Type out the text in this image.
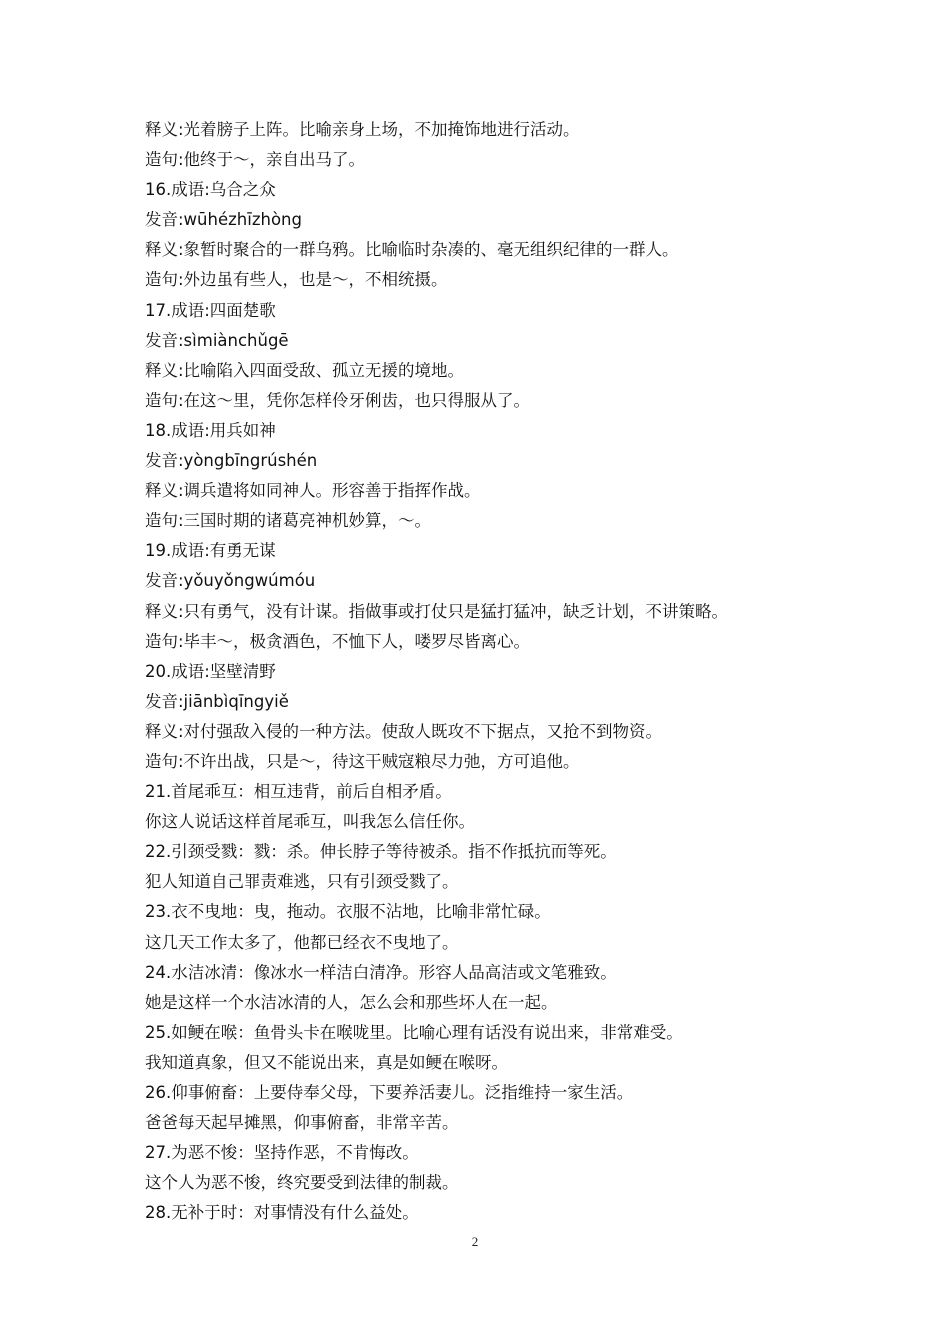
释义:光着膀子上阵。比喻亲身上场，不加掩饰地进行活动。
造句:他终于～，亲自出马了。
16.成语:乌合之众
发音:wūhézhīzhòng
释义:象暂时聚合的一群乌鸦。比喻临时杂凑的、毫无组织纪律的一群人。
造句:外边虽有些人，也是～，不相统摄。
17.成语:四面楚歌
发音:sìmiànchǔgē
释义:比喻陷入四面受敌、孤立无援的境地。
造句:在这～里，凭你怎样伶牙俐齿，也只得服从了。
18.成语:用兵如神
发音:yòngbīngrúshén
释义:调兵遣将如同神人。形容善于指挥作战。
造句:三国时期的诸葛亮神机妙算，～。
19.成语:有勇无谋
发音:yǒuyǒngwúmóu
释义:只有勇气，没有计谋。指做事或打仗只是猛打猛冲，缺乏计划，不讲策略。
造句:毕丰～，极贪酒色，不恤下人，喽罗尽皆离心。
20.成语:坚壁清野
发音:jiānbìqīngyiě
释义:对付强敌入侵的一种方法。使敌人既攻不下据点，又抢不到物资。
造句:不许出战，只是～，待这干贼寇粮尽力弛，方可追他。
21.首尾乖互：相互违背，前后自相矛盾。
你这人说话这样首尾乖互，叫我怎么信任你。
22.引颈受戮：戮：杀。伸长脖子等待被杀。指不作抵抗而等死。
犯人知道自己罪责难逃，只有引颈受戮了。
23.衣不曳地：曳，拖动。衣服不沾地，比喻非常忙碌。
这几天工作太多了，他都已经衣不曳地了。
24.水洁冰清：像冰水一样洁白清净。形容人品高洁或文笔雅致。
她是这样一个水洁冰清的人，怎么会和那些坏人在一起。
25.如鲠在喉：鱼骨头卡在喉咙里。比喻心理有话没有说出来，非常难受。
我知道真象，但又不能说出来，真是如鲠在喉呀。
26.仰事俯畜：上要侍奉父母，下要养活妻儿。泛指维持一家生活。
爸爸每天起早摊黑，仰事俯畜，非常辛苦。
27.为恶不悛：坚持作恶，不肯悔改。
这个人为恶不悛，终究要受到法律的制裁。
28.无补于时：对事情没有什么益处。
2
